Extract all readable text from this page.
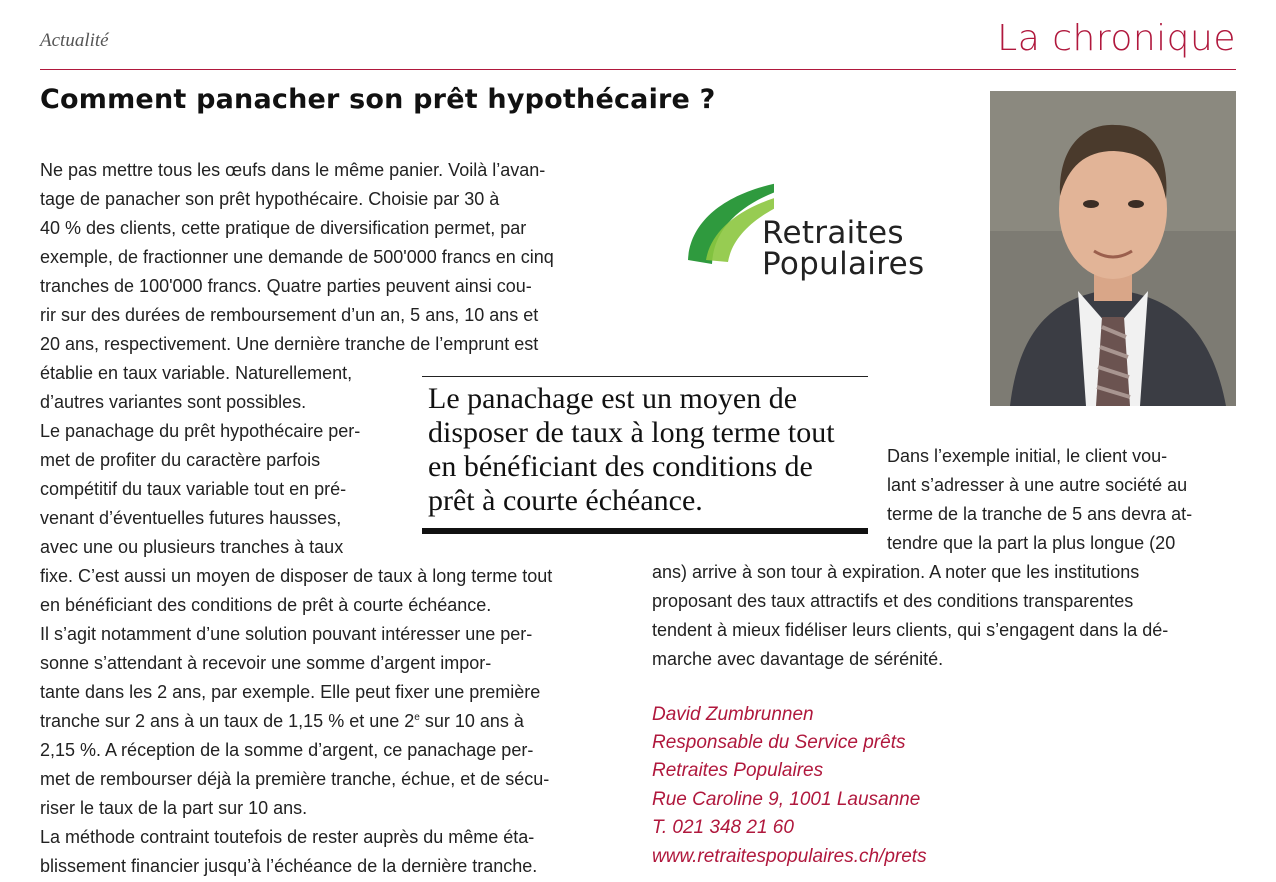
Actualité	La chronique
Comment panacher son prêt hypothécaire ?
Retraites
Populaires
Ne pas mettre tous les œufs dans le même panier. Voilà l’avan-
tage de panacher son prêt hypothécaire. Choisie par 30 à
40 % des clients, cette pratique de diversification permet, par
exemple, de fractionner une demande de 500'000 francs en cinq
tranches de 100'000 francs. Quatre parties peuvent ainsi cou-
rir sur des durées de remboursement d’un an, 5 ans, 10 ans et
20 ans, respectivement. Une dernière tranche de l’emprunt est
établie en taux variable. Naturellement,
d’autres variantes sont possibles.
Le panachage du prêt hypothécaire per-
met de profiter du caractère parfois
compétitif du taux variable tout en pré-
venant d’éventuelles futures hausses,
avec une ou plusieurs tranches à taux
fixe. C’est aussi un moyen de disposer de taux à long terme tout
en bénéficiant des conditions de prêt à courte échéance.
Il s’agit notamment d’une solution pouvant intéresser une per-
sonne s’attendant à recevoir une somme d’argent impor-
tante dans les 2 ans, par exemple. Elle peut fixer une première
tranche sur 2 ans à un taux de 1,15 % et une 2e sur 10 ans à
2,15 %. A réception de la somme d’argent, ce panachage per-
met de rembourser déjà la première tranche, échue, et de sécu-
riser le taux de la part sur 10 ans.
La méthode contraint toutefois de rester auprès du même éta-
blissement financier jusqu’à l’échéance de la dernière tranche.
Le panachage est un moyen de
disposer de taux à long terme tout
en bénéficiant des conditions de
prêt à courte échéance.
Dans l’exemple initial, le client vou-
lant s’adresser à une autre société au
terme de la tranche de 5 ans devra at-
tendre que la part la plus longue (20
ans) arrive à son tour à expiration. A noter que les institutions
proposant des taux attractifs et des conditions transparentes
tendent à mieux fidéliser leurs clients, qui s’engagent dans la dé-
marche avec davantage de sérénité.
David Zumbrunnen
Responsable du Service prêts
Retraites Populaires
Rue Caroline 9, 1001 Lausanne
T. 021 348 21 60
www.retraitespopulaires.ch/prets
